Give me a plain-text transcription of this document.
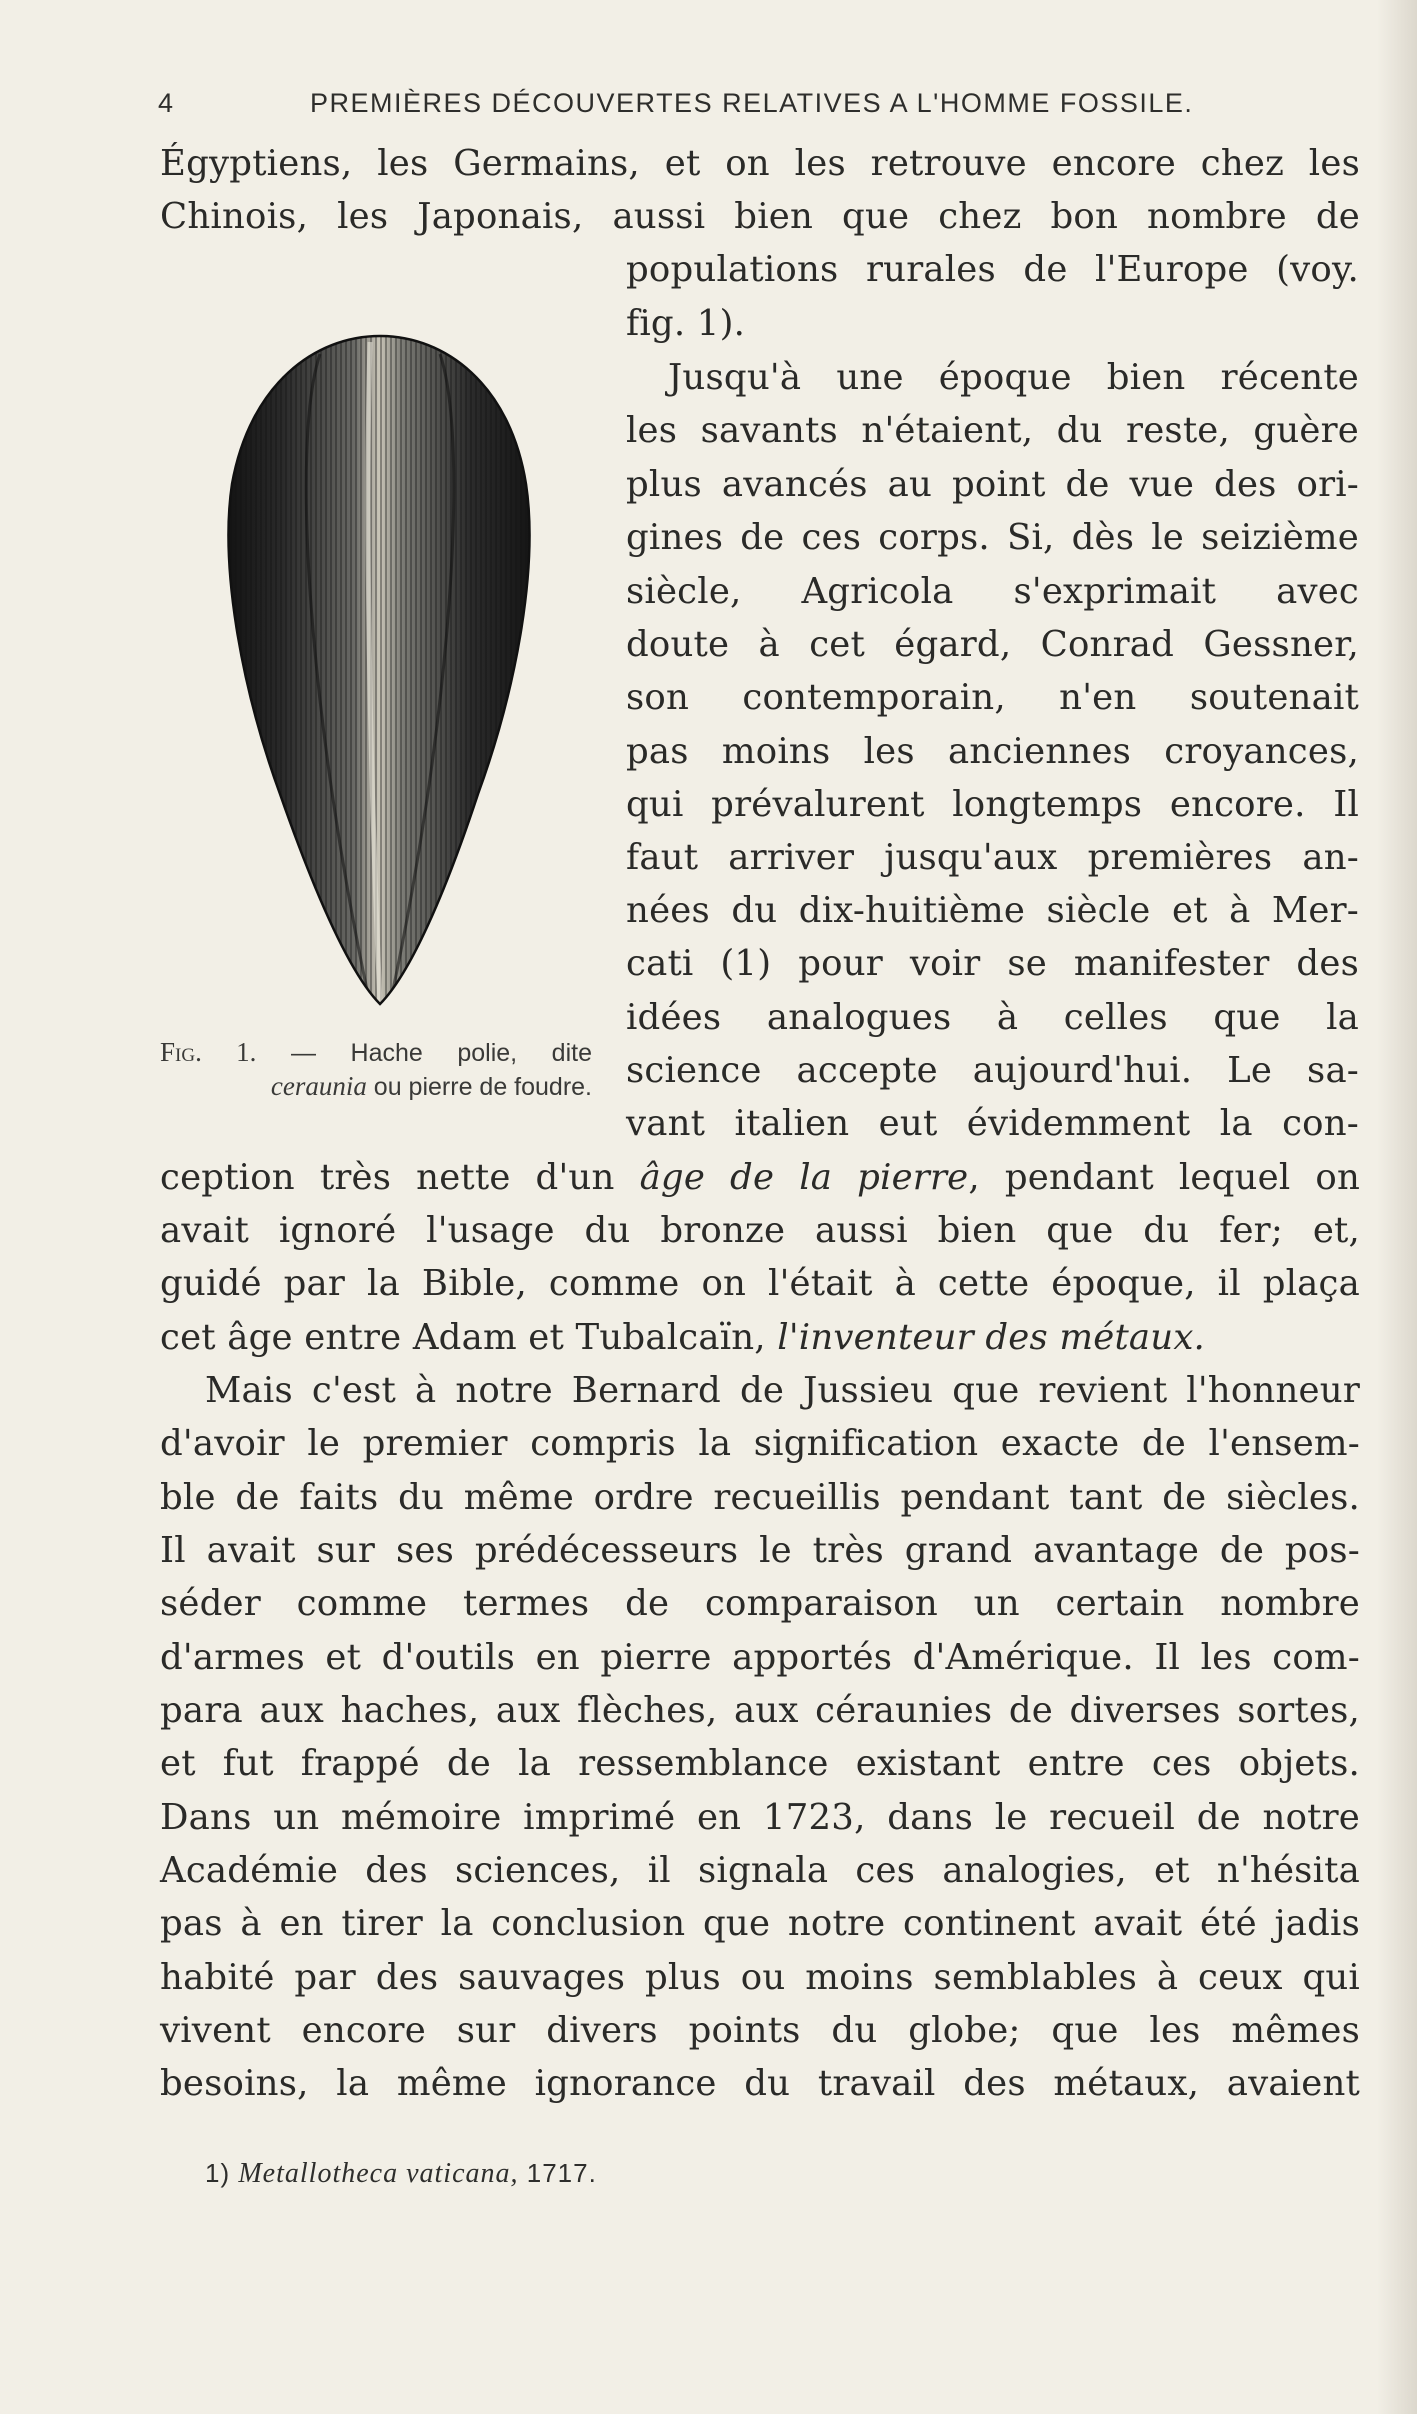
4	PREMIÈRES DÉCOUVERTES RELATIVES A L'HOMME FOSSILE.
Égyptiens, les Germains, et on les retrouve encore chez les
Chinois, les Japonais, aussi bien que chez bon nombre de
populations rurales de l'Europe (voy.
fig. 1).
Jusqu'à une époque bien récente
les savants n'étaient, du reste, guère
plus avancés au point de vue des ori-
gines de ces corps. Si, dès le seizième
siècle, Agricola s'exprimait avec
doute à cet égard, Conrad Gessner,
son contemporain, n'en soutenait
pas moins les anciennes croyances,
qui prévalurent longtemps encore. Il
faut arriver jusqu'aux premières an-
nées du dix-huitième siècle et à Mer-
cati (1) pour voir se manifester des
idées analogues à celles que la
science accepte aujourd'hui. Le sa-
vant italien eut évidemment la con-
ception très nette d'un âge de la pierre, pendant lequel on
avait ignoré l'usage du bronze aussi bien que du fer; et,
guidé par la Bible, comme on l'était à cette époque, il plaça
cet âge entre Adam et Tubalcaïn, l'inventeur des métaux.
Mais c'est à notre Bernard de Jussieu que revient l'honneur
d'avoir le premier compris la signification exacte de l'ensem-
ble de faits du même ordre recueillis pendant tant de siècles.
Il avait sur ses prédécesseurs le très grand avantage de pos-
séder comme termes de comparaison un certain nombre
d'armes et d'outils en pierre apportés d'Amérique. Il les com-
para aux haches, aux flèches, aux céraunies de diverses sortes,
et fut frappé de la ressemblance existant entre ces objets.
Dans un mémoire imprimé en 1723, dans le recueil de notre
Académie des sciences, il signala ces analogies, et n'hésita
pas à en tirer la conclusion que notre continent avait été jadis
habité par des sauvages plus ou moins semblables à ceux qui
vivent encore sur divers points du globe; que les mêmes
besoins, la même ignorance du travail des métaux, avaient
Fig. 1. — Hache polie, dite
ceraunia ou pierre de foudre.
1) Metallotheca vaticana, 1717.
